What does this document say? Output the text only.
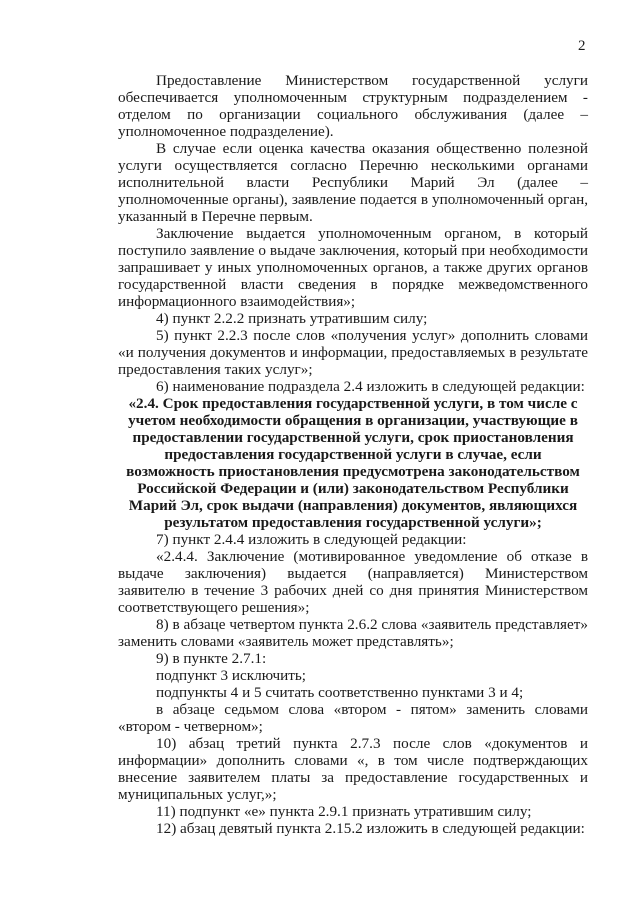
2

Предоставление Министерством государственной услуги обеспечивается уполномоченным структурным подразделением - отделом по организации социального обслуживания (далее – уполномоченное подразделение).

В случае если оценка качества оказания общественно полезной услуги осуществляется согласно Перечню несколькими органами исполнительной власти Республики Марий Эл (далее – уполномоченные органы), заявление подается в уполномоченный орган, указанный в Перечне первым.

Заключение выдается уполномоченным органом, в который поступило заявление о выдаче заключения, который при необходимости запрашивает у иных уполномоченных органов, а также других органов государственной власти сведения в порядке межведомственного информационного взаимодействия»;

4) пункт 2.2.2 признать утратившим силу;

5) пункт 2.2.3 после слов «получения услуг» дополнить словами «и получения документов и информации, предоставляемых в результате предоставления таких услуг»;

6) наименование подраздела 2.4 изложить в следующей редакции:

«2.4. Срок предоставления государственной услуги, в том числе с учетом необходимости обращения в организации, участвующие в предоставлении государственной услуги, срок приостановления предоставления государственной услуги в случае, если возможность приостановления предусмотрена законодательством Российской Федерации и (или) законодательством Республики Марий Эл, срок выдачи (направления) документов, являющихся результатом предоставления государственной услуги»;

7) пункт 2.4.4 изложить в следующей редакции:

«2.4.4. Заключение (мотивированное уведомление об отказе в выдаче заключения) выдается (направляется) Министерством заявителю в течение 3 рабочих дней со дня принятия Министерством соответствующего решения»;

8) в абзаце четвертом пункта 2.6.2 слова «заявитель представляет» заменить словами «заявитель может представлять»;

9) в пункте 2.7.1:

подпункт 3 исключить;

подпункты 4 и 5 считать соответственно пунктами 3 и 4;

в абзаце седьмом слова «втором - пятом» заменить словами «втором - четверном»;

10) абзац третий пункта 2.7.3 после слов «документов и информации» дополнить словами «, в том числе подтверждающих внесение заявителем платы за предоставление государственных и муниципальных услуг,»;

11) подпункт «е» пункта 2.9.1 признать утратившим силу;

12) абзац девятый пункта 2.15.2 изложить в следующей редакции:
